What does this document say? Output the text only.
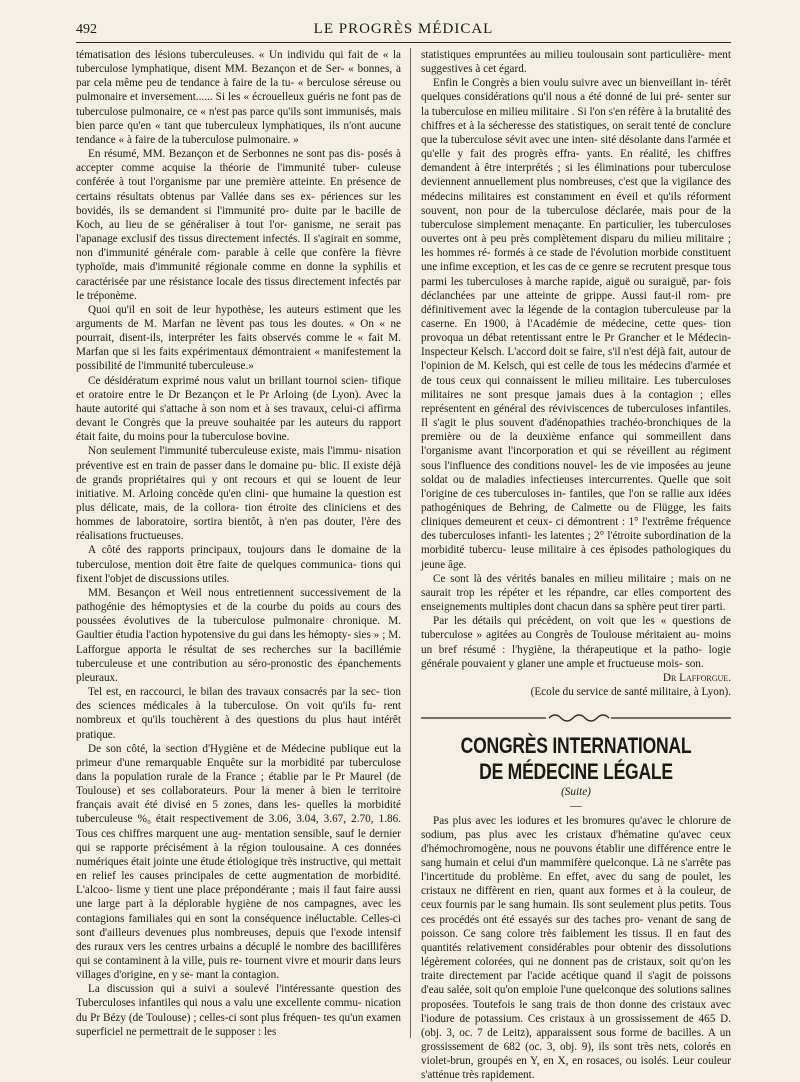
492	LE PROGRÈS MÉDICAL

tématisation des lésions tuberculeuses. « Un individu qui fait de « la tuberculose lymphatique, disent MM. Bezançon et de Ser- « bonnes, a par cela même peu de tendance à faire de la tu- « berculose séreuse ou pulmonaire et inversement...... Si les « écrouelleux guéris ne font pas de tuberculose pulmonaire, ce « n'est pas parce qu'ils sont immunisés, mais bien parce qu'en « tant que tuberculeux lymphatiques, ils n'ont aucune tendance « à faire de la tuberculose pulmonaire. »

En résumé, MM. Bezançon et de Serbonnes ne sont pas dis- posés à accepter comme acquise la théorie de l'immunité tuber- culeuse conférée à tout l'organisme par une première atteinte. En présence de certains résultats obtenus par Vallée dans ses ex- périences sur les bovidés, ils se demandent si l'immunité pro- duite par le bacille de Koch, au lieu de se généraliser à tout l'or- ganisme, ne serait pas l'apanage exclusif des tissus directement infectés. Il s'agirait en somme, non d'immunité générale com- parable à celle que confère la fièvre typhoïde, mais d'immunité régionale comme en donne la syphilis et caractérisée par une résistance locale des tissus directement infectés par le tréponème.

Quoi qu'il en soit de leur hypothèse, les auteurs estiment que les arguments de M. Marfan ne lèvent pas tous les doutes. « On « ne pourrait, disent-ils, interpréter les faits observés comme le « fait M. Marfan que si les faits expérimentaux démontraient « manifestement la possibilité de l'immunité tuberculeuse.»

Ce désidératum exprimé nous valut un brillant tournoi scien- tifique et oratoire entre le Dr Bezançon et le Pr Arloing (de Lyon). Avec la haute autorité qui s'attache à son nom et à ses travaux, celui-ci affirma devant le Congrès que la preuve souhaitée par les auteurs du rapport était faite, du moins pour la tuberculose bovine.

Non seulement l'immunité tuberculeuse existe, mais l'immu- nisation préventive est en train de passer dans le domaine pu- blic. Il existe déjà de grands propriétaires qui y ont recours et qui se louent de leur initiative. M. Arloing concède qu'en clini- que humaine la question est plus délicate, mais, de la collora- tion étroite des cliniciens et des hommes de laboratoire, sortira bientôt, à n'en pas douter, l'ère des réalisations fructueuses.

A côté des rapports principaux, toujours dans le domaine de la tuberculose, mention doit être faite de quelques communica- tions qui fixent l'objet de discussions utiles.

MM. Besançon et Weil nous entretiennent successivement de la pathogénie des hémoptysies et de la courbe du poids au cours des poussées évolutives de la tuberculose pulmonaire chronique. M. Gaultier étudia l'action hypotensive du gui dans les hémopty- sies » ; M. Lafforgue apporta le résultat de ses recherches sur la bacillémie tuberculeuse et une contribution au séro-pronostic des épanchements pleuraux.

Tel est, en raccourci, le bilan des travaux consacrés par la sec- tion des sciences médicales à la tuberculose. On voit qu'ils fu- rent nombreux et qu'ils touchèrent à des questions du plus haut intérêt pratique.

De son côté, la section d'Hygiène et de Médecine publique eut la primeur d'une remarquable Enquête sur la morbidité par tuberculose dans la population rurale de la France ; établie par le Pr Maurel (de Toulouse) et ses collaborateurs. Pour la mener à bien le territoire français avait été divisé en 5 zones, dans les- quelles la morbidité tuberculeuse %₀ était respectivement de 3.06, 3.04, 3.67, 2.70, 1.86. Tous ces chiffres marquent une aug- mentation sensible, sauf le dernier qui se rapporte précisément à la région toulousaine. A ces données numériques était jointe une étude étiologique très instructive, qui mettait en relief les causes principales de cette augmentation de morbidité. L'alcoo- lisme y tient une place prépondérante ; mais il faut faire aussi une large part à la déplorable hygiène de nos campagnes, avec les contagions familiales qui en sont la conséquence inéluctable. Celles-ci sont d'ailleurs devenues plus nombreuses, depuis que l'exode intensif des ruraux vers les centres urbains a décuplé le nombre des bacillifères qui se contaminent à la ville, puis re- tournent vivre et mourir dans leurs villages d'origine, en y se- mant la contagion.

La discussion qui a suivi a soulevé l'intéressante question des Tuberculoses infantiles qui nous a valu une excellente commu- nication du Pr Bézy (de Toulouse) ; celles-ci sont plus fréquen- tes qu'un examen superficiel ne permettrait de le supposer : les

statistiques empruntées au milieu toulousain sont particulière- ment suggestives à cet égard.

Enfin le Congrès a bien voulu suivre avec un bienveillant in- térêt quelques considérations qu'il nous a été donné de lui pré- senter sur la tuberculose en milieu militaire . Si l'on s'en réfère à la brutalité des chiffres et à la sécheresse des statistiques, on serait tenté de conclure que la tuberculose sévit avec une inten- sité désolante dans l'armée et qu'elle y fait des progrès effra- yants. En réalité, les chiffres demandent à être interprétés ; si les éliminations pour tuberculose deviennent annuellement plus nombreuses, c'est que la vigilance des médecins militaires est constamment en éveil et qu'ils réforment souvent, non pour de la tuberculose déclarée, mais pour de la tuberculose simplement menaçante. En particulier, les tuberculoses ouvertes ont à peu près complètement disparu du milieu militaire ; les hommes ré- formés à ce stade de l'évolution morbide constituent une infime exception, et les cas de ce genre se recrutent presque tous parmi les tuberculoses à marche rapide, aiguë ou suraiguë, par- fois déclanchées par une atteinte de grippe. Aussi faut-il rom- pre définitivement avec la légende de la contagion tuberculeuse par la caserne. En 1900, à l'Académie de médecine, cette ques- tion provoqua un débat retentissant entre le Pr Grancher et le Médecin-Inspecteur Kelsch. L'accord doit se faire, s'il n'est déjà fait, autour de l'opinion de M. Kelsch, qui est celle de tous les médecins d'armée et de tous ceux qui connaissent le milieu militaire. Les tuberculoses militaires ne sont presque jamais dues à la contagion ; elles représentent en général des réviviscences de tuberculoses infantiles. Il s'agit le plus souvent d'adénopathies trachéo-bronchiques de la première ou de la deuxième enfance qui sommeillent dans l'organisme avant l'incorporation et qui se réveillent au régiment sous l'influence des conditions nouvel- les de vie imposées au jeune soldat ou de maladies infectieuses intercurrentes. Quelle que soit l'origine de ces tuberculoses in- fantiles, que l'on se rallie aux idées pathogéniques de Behring, de Calmette ou de Flügge, les faits cliniques demeurent et ceux- ci démontrent : 1° l'extrême fréquence des tuberculoses infanti- les latentes ; 2° l'étroite subordination de la morbidité tubercu- leuse militaire à ces épisodes pathologiques du jeune âge.

Ce sont là des vérités banales en milieu militaire ; mais on ne saurait trop les répéter et les répandre, car elles comportent des enseignements multiples dont chacun dans sa sphère peut tirer parti.

Par les détails qui précèdent, on voit que les « questions de tuberculose » agitées au Congrès de Toulouse méritaient au- moins un bref résumé : l'hygiène, la thérapeutique et la patho- logie générale pouvaient y glaner une ample et fructueuse mois- son.

Dr Lafforgue.

(Ecole du service de santé militaire, à Lyon).

CONGRÈS INTERNATIONAL DE MÉDECINE LÉGALE

(Suite)

—

Pas plus avec les iodures et les bromures qu'avec le chlorure de sodium, pas plus avec les cristaux d'hématine qu'avec ceux d'hémochromogène, nous ne pouvons établir une différence entre le sang humain et celui d'un mammifère quelconque. Là ne s'arrête pas l'incertitude du problème. En effet, avec du sang de poulet, les cristaux ne diffèrent en rien, quant aux formes et à la couleur, de ceux fournis par le sang humain. Ils sont seulement plus petits. Tous ces procédés ont été essayés sur des taches pro- venant de sang de poisson. Ce sang colore très faiblement les tissus. Il en faut des quantités relativement considérables pour obtenir des dissolutions légèrement colorées, qui ne donnent pas de cristaux, soit qu'on les traite directement par l'acide acétique quand il s'agit de poissons d'eau salée, soit qu'on emploie l'une quelconque des solutions salines proposées. Toutefois le sang trais de thon donne des cristaux avec l'iodure de potassium. Ces cristaux à un grossissement de 465 D. (obj. 3, oc. 7 de Leitz), apparaissent sous forme de bacilles. A un grossissement de 682 (oc. 3, obj. 9), ils sont très nets, colorés en violet-brun, groupés en Y, en X, en rosaces, ou isolés. Leur couleur s'atténue très rapidement.
